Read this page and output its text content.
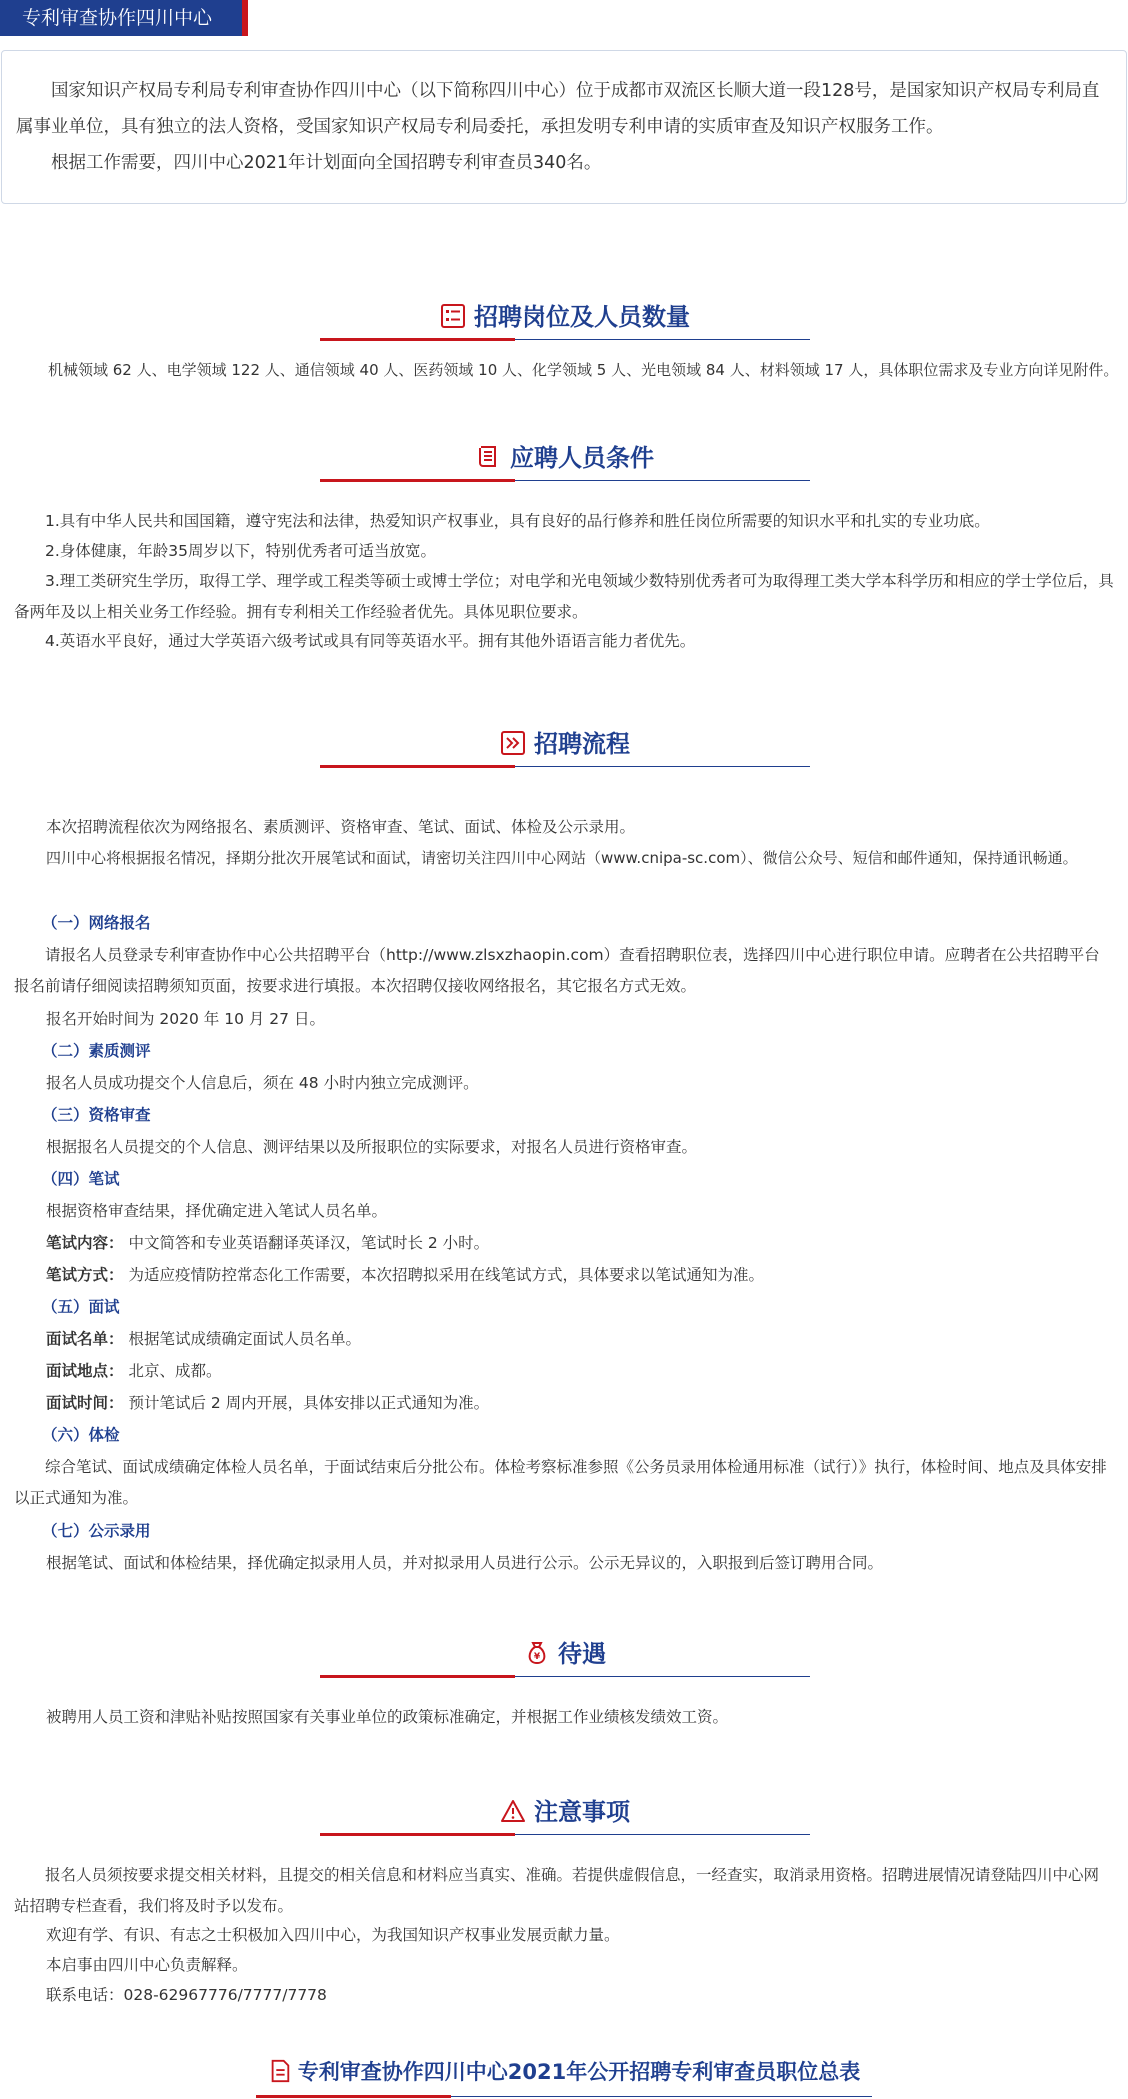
专利审查协作四川中心

国家知识产权局专利局专利审查协作四川中心（以下简称四川中心）位于成都市双流区长顺大道一段128号，是国家知识产权局专利局直属事业单位，具有独立的法人资格，受国家知识产权局专利局委托，承担发明专利申请的实质审查及知识产权服务工作。

根据工作需要，四川中心2021年计划面向全国招聘专利审查员340名。

招聘岗位及人员数量
机械领域 62 人、电学领域 122 人、通信领域 40 人、医药领域 10 人、化学领域 5 人、光电领域 84 人、材料领域 17 人，具体职位需求及专业方向详见附件。
应聘人员条件
1.具有中华人民共和国国籍，遵守宪法和法律，热爱知识产权事业，具有良好的品行修养和胜任岗位所需要的知识水平和扎实的专业功底。
2.身体健康，年龄35周岁以下，特别优秀者可适当放宽。
3.理工类研究生学历，取得工学、理学或工程类等硕士或博士学位；对电学和光电领域少数特别优秀者可为取得理工类大学本科学历和相应的学士学位后，具备两年及以上相关业务工作经验。拥有专利相关工作经验者优先。具体见职位要求。
4.英语水平良好，通过大学英语六级考试或具有同等英语水平。拥有其他外语语言能力者优先。
招聘流程
本次招聘流程依次为网络报名、素质测评、资格审查、笔试、面试、体检及公示录用。
四川中心将根据报名情况，择期分批次开展笔试和面试，请密切关注四川中心网站（www.cnipa-sc.com）、微信公众号、短信和邮件通知，保持通讯畅通。
（一）网络报名
请报名人员登录专利审查协作中心公共招聘平台（http://www.zlsxzhaopin.com）查看招聘职位表，选择四川中心进行职位申请。应聘者在公共招聘平台报名前请仔细阅读招聘须知页面，按要求进行填报。本次招聘仅接收网络报名，其它报名方式无效。
报名开始时间为 2020 年 10 月 27 日。
（二）素质测评
报名人员成功提交个人信息后，须在 48 小时内独立完成测评。
（三）资格审查
根据报名人员提交的个人信息、测评结果以及所报职位的实际要求，对报名人员进行资格审查。
（四）笔试
根据资格审查结果，择优确定进入笔试人员名单。
笔试内容： 中文简答和专业英语翻译英译汉，笔试时长 2 小时。
笔试方式： 为适应疫情防控常态化工作需要，本次招聘拟采用在线笔试方式，具体要求以笔试通知为准。
（五）面试
面试名单： 根据笔试成绩确定面试人员名单。
面试地点： 北京、成都。
面试时间： 预计笔试后 2 周内开展，具体安排以正式通知为准。
（六）体检
综合笔试、面试成绩确定体检人员名单，于面试结束后分批公布。体检考察标准参照《公务员录用体检通用标准（试行）》执行，体检时间、地点及具体安排以正式通知为准。
（七）公示录用
根据笔试、面试和体检结果，择优确定拟录用人员，并对拟录用人员进行公示。公示无异议的，入职报到后签订聘用合同。
¥ 待遇
被聘用人员工资和津贴补贴按照国家有关事业单位的政策标准确定，并根据工作业绩核发绩效工资。
注意事项
报名人员须按要求提交相关材料，且提交的相关信息和材料应当真实、准确。若提供虚假信息，一经查实，取消录用资格。招聘进展情况请登陆四川中心网站招聘专栏查看，我们将及时予以发布。
欢迎有学、有识、有志之士积极加入四川中心，为我国知识产权事业发展贡献力量。
本启事由四川中心负责解释。
联系电话：028-62967776/7777/7778
专利审查协作四川中心2021年公开招聘专利审查员职位总表
